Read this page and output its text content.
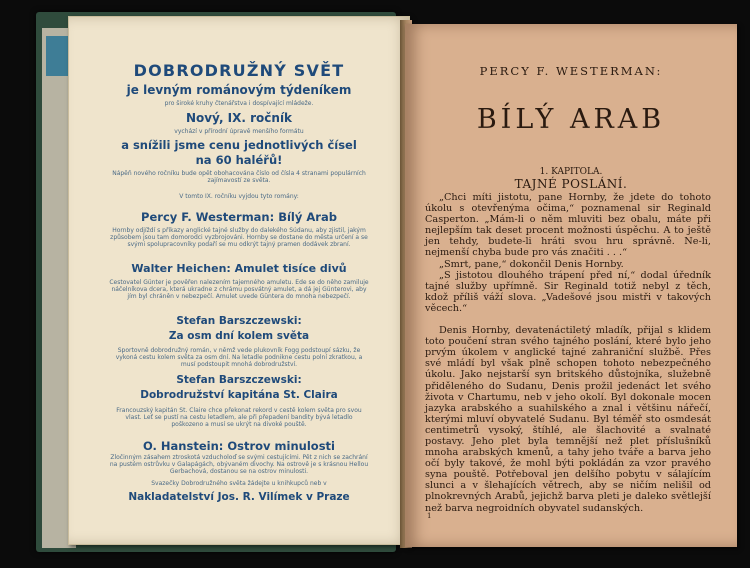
DOBRODRUŽNÝ SVĚT
je levným románovým týdeníkem
pro široké kruhy čtenářstva i dospívající mládeže.
Nový, IX. ročník
vychází v přírodní úpravě menšího formátu
a snížili jsme cenu jednotlivých čísel
na 60 haléřů!
Nápěň nového ročníku bude opět obohacována číslo od čísla 4 stranami populárních zajímavostí ze světa.
V tomto IX. ročníku vyjdou tyto romány:
Percy F. Westerman: Bílý Arab
Hornby odjíždí s příkazy anglické tajné služby do dalekého Súdanu, aby zjistil, jakým způsobem jsou tam domorodci vyzbrojováni. Hornby se dostane do města určení a se svými spolupracovníky podaří se mu odkrýt tajný pramen dodávek zbraní.
Walter Heichen: Amulet tisíce divů
Cestovatel Günter je pověřen nalezením tajemného amuletu. Ede se do něho zamiluje náčelníkova dcera, která ukradne z chrámu posvátný amulet, a dá jej Günterovi, aby jím byl chráněn v nebezpečí. Amulet uvede Güntera do mnoha nebezpečí.
Stefan Barszczewski:
Za osm dní kolem světa
Sportovně dobrodružný román, v němž vede plukovník Fogg podstoupí sázku, že vykoná cestu kolem světa za osm dní. Na letadle podnikne cestu polní zkratkou, a musí podstoupit mnohá dobrodružství.
Stefan Barszczewski:
Dobrodružství kapitána St. Claira
Francouzský kapitán St. Claire chce překonat rekord v cestě kolem světa pro svou vlast. Leť se pustí na cestu letadlem, ale při přepadení bandity bývá letadlo poškozeno a musí se ukrýt na divoké pouště.
O. Hanstein: Ostrov minulosti
Zločinným zásahem ztroskotá vzducholoď se svými cestujícími. Pět z nich se zachrání na pustém ostrůvku v Galapágách, obývaném divochy. Na ostrově je s krásnou Hellou Gerbachová, dostanou se na ostrov minulosti.
Svazečky Dobrodružného světa žádejte u knihkupců neb v
Nakladatelství Jos. R. Vilímek v Praze
PERCY F. WESTERMAN:
BÍLÝ ARAB
1. KAPITOLA.
TAJNÉ POSLÁNÍ.

„Chci míti jistotu, pane Hornby, že jdete do tohoto úkolu s otevřenýma očima,“ poznamenal sir Reginald Casperton. „Mám-li o něm mluviti bez obalu, máte při nejlepším tak deset procent možnosti úspěchu. A to ještě jen tehdy, budete-li hráti svou hru správně. Ne-li, nejmenší chyba bude pro vás značiti . . .“

„Smrt, pane,“ dokončil Denis Hornby.

„S jistotou dlouhého trápení před ní,“ dodal úředník tajné služby upřímně. Sir Reginald totiž nebyl z těch, kdož příliš váží slova. „Vadešové jsou mistři v takových věcech.“

Denis Hornby, devatenáctiletý mladík, přijal s klidem toto poučení stran svého tajného poslání, které bylo jeho prvým úkolem v anglické tajné zahraniční službě. Přes své mládí byl však plně schopen tohoto nebezpečného úkolu. Jako nejstarší syn britského důstojníka, služebně přiděleného do Sudanu, Denis prožil jedenáct let svého života v Chartumu, neb v jeho okolí. Byl dokonale mocen jazyka arabského a suahilského a znal i většinu nářečí, kterými mluví obyvatelé Sudanu. Byl téměř sto osmdesát centimetrů vysoký, štíhlé, ale šlachovité a svalnaté postavy. Jeho plet byla temnější než plet příslušníků mnoha arabských kmenů, a tahy jeho tváře a barva jeho očí byly takové, že mohl býti pokládán za vzor pravého syna pouště. Potřeboval jen delšího pobytu v sálajícím slunci a v šlehajících větrech, aby se ničím nelišil od plnokrevných Arabů, jejichž barva pleti je daleko světlejší než barva negroidních obyvatel sudanských.

1
